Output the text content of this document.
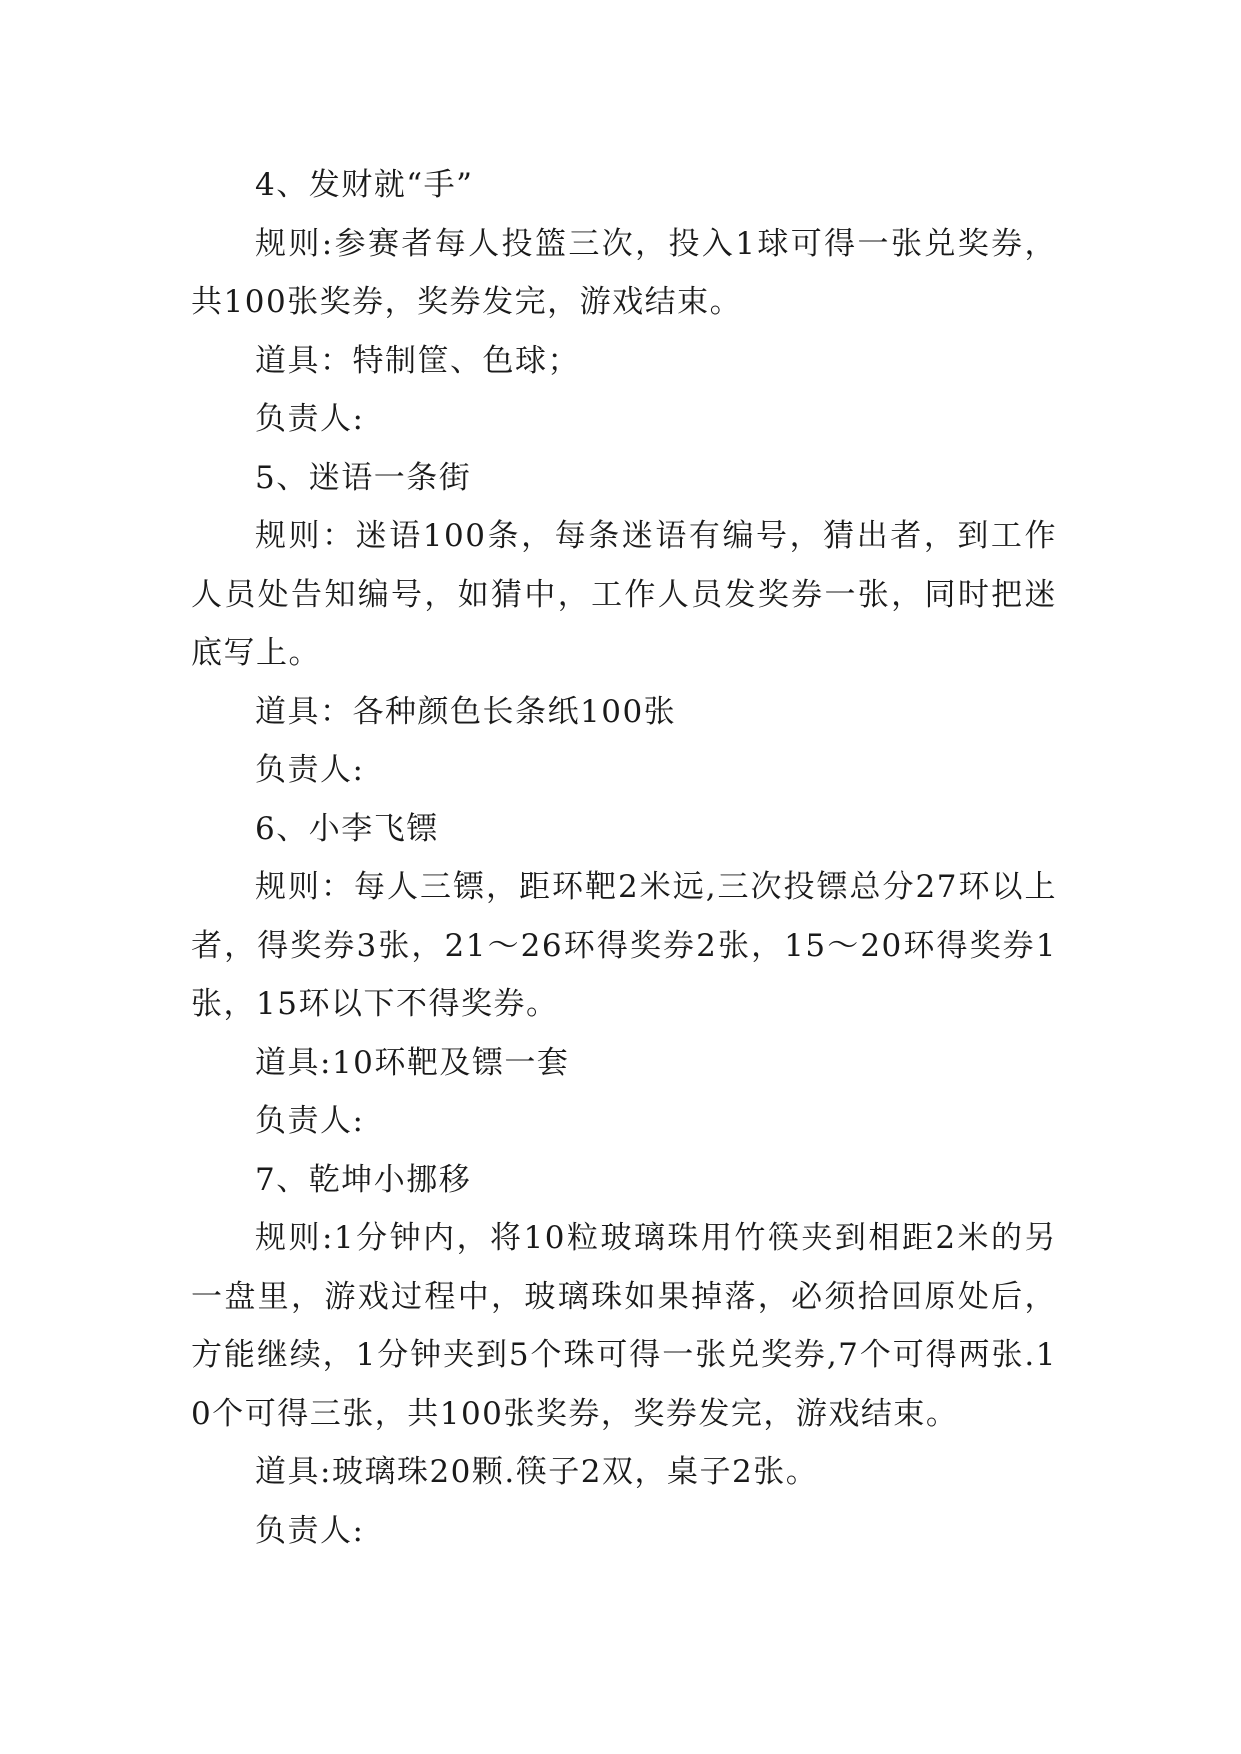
4、发财就“手”

规则:参赛者每人投篮三次，投入1球可得一张兑奖券，共100张奖券，奖券发完，游戏结束。

道具：特制筐、色球；

负责人:

5、迷语一条街

规则：迷语100条，每条迷语有编号，猜出者，到工作人员处告知编号，如猜中，工作人员发奖券一张，同时把迷底写上。

道具：各种颜色长条纸100张

负责人:

6、小李飞镖

规则：每人三镖，距环靶2米远,三次投镖总分27环以上者，得奖券3张，21～26环得奖券2张，15～20环得奖券1张，15环以下不得奖券。

道具:10环靶及镖一套

负责人:

7、乾坤小挪移

规则:1分钟内，将10粒玻璃珠用竹筷夹到相距2米的另一盘里，游戏过程中，玻璃珠如果掉落，必须拾回原处后，方能继续，1分钟夹到5个珠可得一张兑奖券,7个可得两张.10个可得三张，共100张奖券，奖券发完，游戏结束。

道具:玻璃珠20颗.筷子2双，桌子2张。

负责人:
